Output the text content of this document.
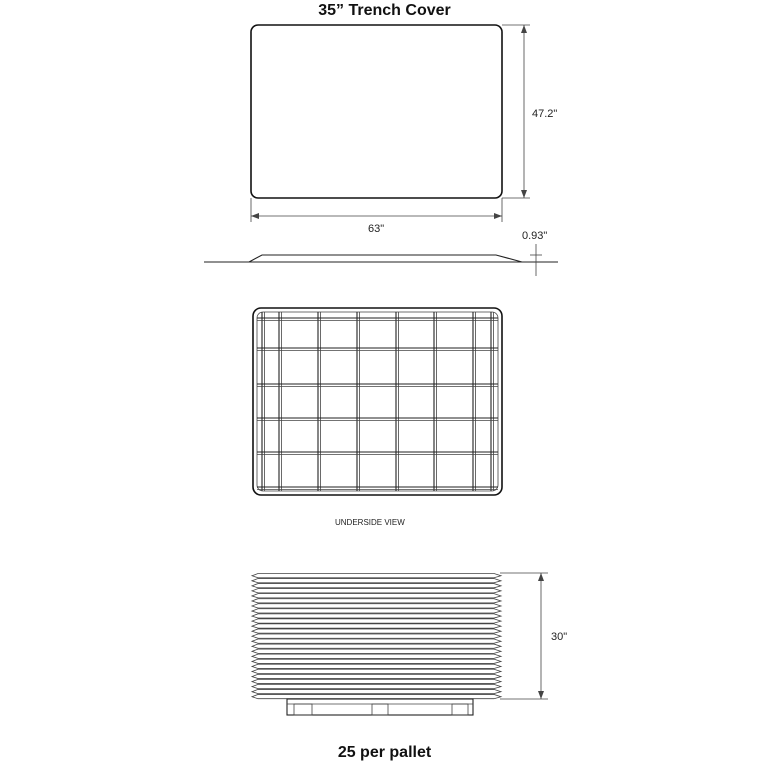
35” Trench Cover
47.2"
63"
0.93"
UNDERSIDE VIEW
30"
25 per pallet
